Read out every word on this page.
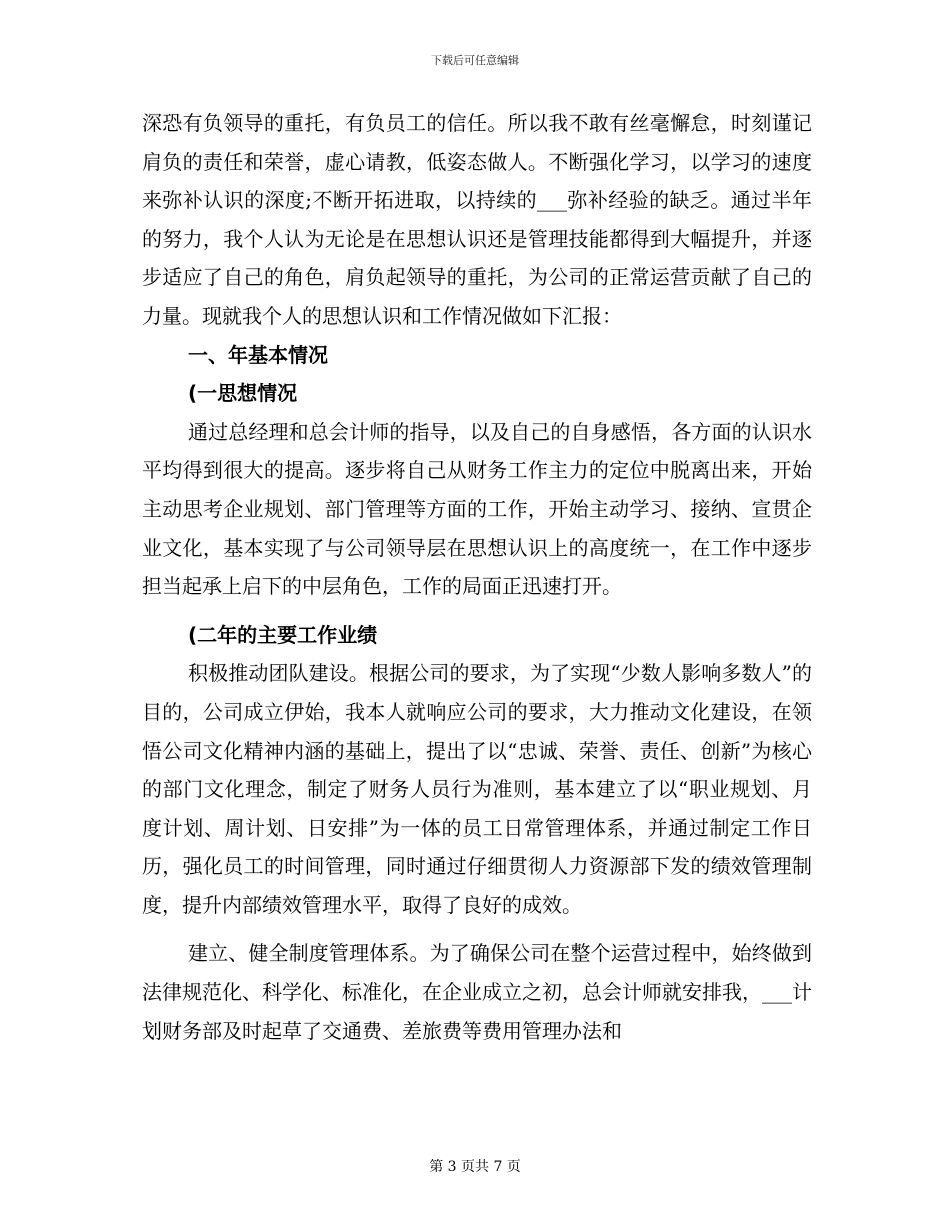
下载后可任意编辑

深恐有负领导的重托，有负员工的信任。所以我不敢有丝毫懈怠，时刻谨记肩负的责任和荣誉，虚心请教，低姿态做人。不断强化学习，以学习的速度来弥补认识的深度;不断开拓进取，以持续的___弥补经验的缺乏。通过半年的努力，我个人认为无论是在思想认识还是管理技能都得到大幅提升，并逐步适应了自己的角色，肩负起领导的重托，为公司的正常运营贡献了自己的力量。现就我个人的思想认识和工作情况做如下汇报：

一、年基本情况

(一思想情况

通过总经理和总会计师的指导，以及自己的自身感悟，各方面的认识水平均得到很大的提高。逐步将自己从财务工作主力的定位中脱离出来，开始主动思考企业规划、部门管理等方面的工作，开始主动学习、接纳、宣贯企业文化，基本实现了与公司领导层在思想认识上的高度统一，在工作中逐步担当起承上启下的中层角色，工作的局面正迅速打开。

(二年的主要工作业绩

积极推动团队建设。根据公司的要求，为了实现“少数人影响多数人”的目的，公司成立伊始，我本人就响应公司的要求，大力推动文化建设，在领悟公司文化精神内涵的基础上，提出了以“忠诚、荣誉、责任、创新”为核心的部门文化理念，制定了财务人员行为准则，基本建立了以“职业规划、月度计划、周计划、日安排”为一体的员工日常管理体系，并通过制定工作日历，强化员工的时间管理，同时通过仔细贯彻人力资源部下发的绩效管理制度，提升内部绩效管理水平，取得了良好的成效。

建立、健全制度管理体系。为了确保公司在整个运营过程中，始终做到法律规范化、科学化、标准化，在企业成立之初，总会计师就安排我，___计划财务部及时起草了交通费、差旅费等费用管理办法和

第 3 页共 7 页
